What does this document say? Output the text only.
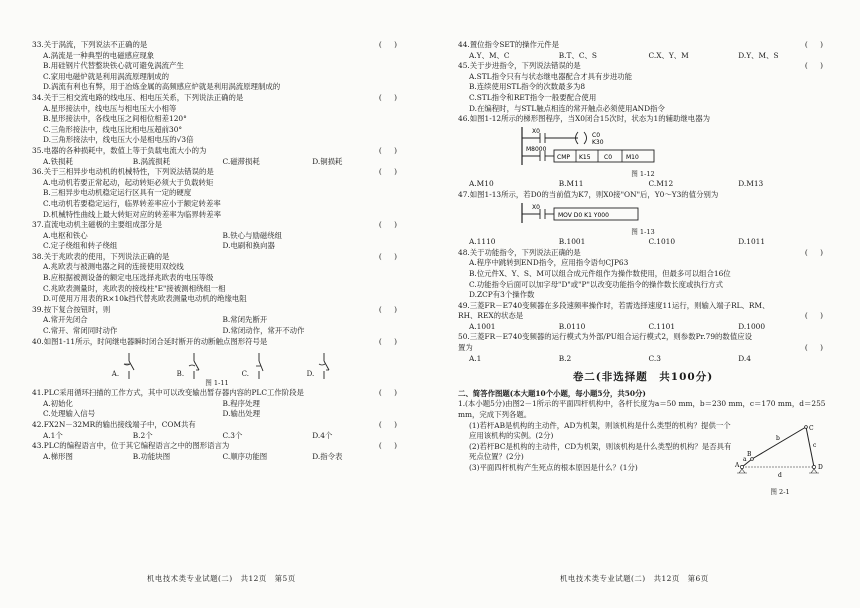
33.关于涡流，下列说法不正确的是	( )
A.涡流是一种典型的电磁感应现象
B.用硅钢片代替整块铁心就可避免涡流产生
C.家用电磁炉就是利用涡流原理制成的
D.涡流有利也有弊，用于冶炼金属的高频感应炉就是利用涡流原理制成的
34.关于三相交流电路的线电压、相电压关系，下列说法正确的是	( )
A.星形接法中，线电压与相电压大小相等
B.星形接法中，各线电压之间相位相差120°
C.三角形接法中，线电压比相电压超前30°
D.三角形接法中，线电压大小是相电压的√3倍
35.电器的各种损耗中，数值上等于负载电流大小的为	( )
A.铁损耗	B.涡流损耗	C.磁滞损耗	D.铜损耗
36.关于三相异步电动机的机械特性，下列说法错误的是	( )
A.电动机若要正常起动，起动转矩必须大于负载转矩
B.三相异步电动机稳定运行区具有一定的硬度
C.电动机若要稳定运行，临界转差率应小于额定转差率
D.机械特性曲线上最大转矩对应的转差率为临界转差率
37.直流电动机主磁极的主要组成部分是	( )
A.电枢和铁心	B.铁心与励磁绕组
C.定子绕组和转子绕组	D.电刷和换向器
38.关于兆欧表的使用，下列说法正确的是	( )
A.兆欧表与被测电器之间的连接使用双绞线
B.应根据被测设备的额定电压选择兆欧表的电压等级
C.兆欧表测量时，兆欧表的接线柱"E"接被测相绕组一相
D.可使用万用表的R×10k挡代替兆欧表测量电动机的绝缘电阻
39.按下复合按钮时，则	( )
A.常开先闭合	B.常闭先断开
C.常开、常闭同时动作	D.常闭动作，常开不动作
40.如图1-11所示，时间继电器瞬时闭合延时断开的动断触点图形符号是	( )
A.	B.	C.	D.
图 1-11
41.PLC采用循环扫描的工作方式，其中可以改变输出暂存器内容的PLC工作阶段是	( )
A.初始化	B.程序处理
C.处理输入信号	D.输出处理
42.FX2N－32MR的输出接线端子中，COM共有	( )
A.1个	B.2个	C.3个	D.4个
43.PLC的编程语言中，位于其它编程语言之中的图形语言为	( )
A.梯形图	B.功能块图	C.顺序功能图	D.指令表
44.置位指令SET的操作元件是	( )
A.Y、M、C	B.T、C、S	C.X、Y、M	D.Y、M、S
45.关于步进指令，下列说法错误的是	( )
A.STL指令只有与状态继电器配合才具有步进功能
B.连续使用STL指令的次数最多为8
C.STL指令和RET指令一般要配合使用
D.在编程时，与STL触点相连的常开触点必须使用AND指令
46.如图1-12所示的梯形图程序，当X0闭合15次时，状态为1的辅助继电器为
X0
C0
K30
M8000
CMP K15 C0 M10
图 1-12
A.M10	B.M11	C.M12	D.M13
47.如图1-13所示，若D0的当前值为K7，则X0接"ON"后，Y0～Y3的值分别为
X0
MOV D0 K1 Y000
图 1-13
A.1110	B.1001	C.1010	D.1011
48.关于功能指令，下列说法正确的是	( )
A.程序中跳转到END指令，应用指令语句CJP63
B.位元件X、Y、S、M可以组合成元件组作为操作数使用，但最多可以组合16位
C.功能指令后面可以加字母"D"或"P"以改变功能指令的操作数长度或执行方式
D.ZCP有3个操作数
49.三菱FR－E740变频器在多段速频率操作时，若需选择速度11运行，则输入端子RL、RM、
RH、REX的状态是	( )
A.1001	B.0110	C.1101	D.1000
50.三菱FR－E740变频器的运行模式为外部/PU组合运行模式2，则参数Pr.79的数值应设
置为	( )
A.1	B.2	C.3	D.4
卷二(非选择题　共100分)
二、简答作图题(本大题10个小题，每小题5分，共50分)
1.(本小题5分)由图2－1所示的平面四杆机构中，各杆长度为a＝50 mm，b＝230 mm，c＝170 mm，d＝255 mm，完成下列各题。
(1)若杆AB是机构的主动件，AD为机架，则该机构是什么类型的机构？提供一个应用该机构的实例。(2分)
(2)若杆BC是机构的主动件，CD为机架，则该机构是什么类型的机构？是否具有死点位置？(2分)
(3)平面四杆机构产生死点的根本原因是什么？(1分)	A
B
C
D
a
b
c
d
图 2-1
机电技术类专业试题(二)　共12页　第5页	机电技术类专业试题(二)　共12页　第6页
